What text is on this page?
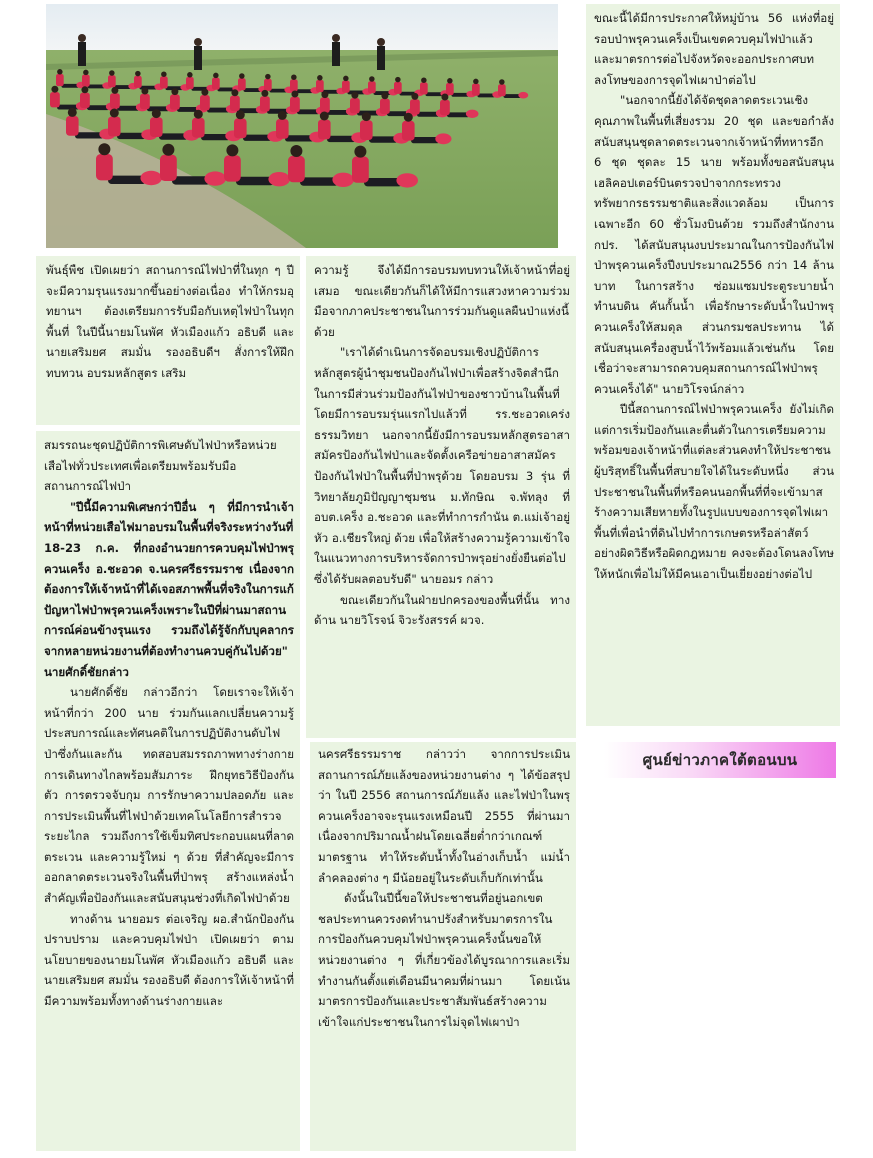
พันธุ์พืช เปิดเผยว่า สถานการณ์ไฟป่าที่ในทุก ๆ ปีจะมีความรุนแรงมากขึ้นอย่างต่อเนื่อง ทำให้กรมอุทยานฯ ต้องเตรียมการรับมือกับเหตุไฟป่าในทุกพื้นที่ ในปีนี้นายมโนพัศ หัวเมืองแก้ว อธิบดี และนายเสริมยศ สมมั่น รองอธิบดีฯ สั่งการให้ฝึกทบทวน อบรมหลักสูตร เสริม

สมรรถนะชุดปฏิบัติการพิเศษดับไฟป่าหรือหน่วยเสือไฟทั่วประเทศเพื่อเตรียมพร้อมรับมือสถานการณ์ไฟป่า

"ปีนี้มีความพิเศษกว่าปีอื่น ๆ ที่มีการนำเจ้าหน้าที่หน่วยเสือไฟมาอบรมในพื้นที่จริงระหว่างวันที่ 18-23 ก.ค. ที่กองอำนวยการควบคุมไฟป่าพรุควนเคร็ง อ.ชะอวด จ.นครศรีธรรมราช เนื่องจากต้องการให้เจ้าหน้าที่ได้เจอสภาพพื้นที่จริงในการแก้ปัญหาไฟป่าพรุควนเคร็งเพราะในปีที่ผ่านมาสถานการณ์ค่อนข้างรุนแรง รวมถึงได้รู้จักกับบุคลากรจากหลายหน่วยงานที่ต้องทำงานควบคู่กันไปด้วย" นายศักดิ์ชัยกล่าว

นายศักดิ์ชัย กล่าวอีกว่า โดยเราจะให้เจ้าหน้าที่กว่า 200 นาย ร่วมกันแลกเปลี่ยนความรู้ประสบการณ์และทัศนคติในการปฏิบัติงานดับไฟป่าซึ่งกันและกัน ทดสอบสมรรถภาพทางร่างกาย การเดินทางไกลพร้อมสัมภาระ ฝึกยุทธวิธีป้องกันตัว การตรวจจับกุม การรักษาความปลอดภัย และการประเมินพื้นที่ไฟป่าด้วยเทคโนโลยีการสำรวจระยะไกล รวมถึงการใช้เข็มทิศประกอบแผนที่ลาดตระเวน และความรู้ใหม่ ๆ ด้วย ที่สำคัญจะมีการออกลาดตระเวนจริงในพื้นที่ป่าพรุ สร้างแหล่งน้ำสำคัญเพื่อป้องกันและสนับสนุนช่วงที่เกิดไฟป่าด้วย

ทางด้าน นายอมร ต่อเจริญ ผอ.สำนักป้องกัน ปราบปราม และควบคุมไฟป่า เปิดเผยว่า ตามนโยบายของนายมโนพัศ หัวเมืองแก้ว อธิบดี และ นายเสริมยศ สมมั่น รองอธิบดี ต้องการให้เจ้าหน้าที่มีความพร้อมทั้งทางด้านร่างกายและ

ความรู้ จึงได้มีการอบรมทบทวนให้เจ้าหน้าที่อยู่เสมอ ขณะเดียวกันก็ได้ให้มีการแสวงหาความร่วมมือจากภาคประชาชนในการร่วมกันดูแลผืนป่าแห่งนี้ด้วย

"เราได้ดำเนินการจัดอบรมเชิงปฏิบัติการหลักสูตรผู้นำชุมชนป้องกันไฟป่าเพื่อสร้างจิตสำนึกในการมีส่วนร่วมป้องกันไฟป่าของชาวบ้านในพื้นที่ โดยมีการอบรมรุ่นแรกไปแล้วที่ รร.ชะอวดเคร่งธรรมวิทยา นอกจากนี้ยังมีการอบรมหลักสูตรอาสาสมัครป้องกันไฟป่าและจัดตั้งเครือข่ายอาสาสมัครป้องกันไฟป่าในพื้นที่ป่าพรุด้วย โดยอบรม 3 รุ่น ที่วิทยาลัยภูมิปัญญาชุมชน ม.ทักษิณ จ.พัทลุง ที่ อบต.เคร็ง อ.ชะอวด และที่ทำการกำนัน ต.แม่เจ้าอยู่หัว อ.เชียรใหญ่ ด้วย เพื่อให้สร้างความรู้ความเข้าใจในแนวทางการบริหารจัดการป่าพรุอย่างยั่งยืนต่อไป ซึ่งได้รับผลตอบรับดี" นายอมร กล่าว

ขณะเดียวกันในฝ่ายปกครองของพื้นที่นั้น ทางด้าน นายวิโรจน์ จิวะรังสรรค์ ผวจ.

นครศรีธรรมราช กล่าวว่า จากการประเมินสถานการณ์ภัยแล้งของหน่วยงานต่าง ๆ ได้ข้อสรุปว่า ในปี 2556 สถานการณ์ภัยแล้ง และไฟป่าในพรุควนเคร็งอาจจะรุนแรงเหมือนปี 2555 ที่ผ่านมา เนื่องจากปริมาณน้ำฝนโดยเฉลี่ยต่ำกว่าเกณฑ์มาตรฐาน ทำให้ระดับน้ำทั้งในอ่างเก็บน้ำ แม่น้ำลำคลองต่าง ๆ มีน้อยอยู่ในระดับเก็บกักเท่านั้น

ดังนั้นในปีนี้ขอให้ประชาชนที่อยู่นอกเขตชลประทานควรงดทำนาปรังสำหรับมาตรการในการป้องกันควบคุมไฟป่าพรุควนเคร็งนั้นขอให้หน่วยงานต่าง ๆ ที่เกี่ยวข้องได้บูรณาการและเริ่มทำงานกันตั้งแต่เดือนมีนาคมที่ผ่านมา โดยเน้นมาตรการป้องกันและประชาสัมพันธ์สร้างความเข้าใจแก่ประชาชนในการไม่จุดไฟเผาป่า

ขณะนี้ได้มีการประกาศให้หมู่บ้าน 56 แห่งที่อยู่รอบป่าพรุควนเคร็งเป็นเขตควบคุมไฟป่าแล้ว และมาตรการต่อไปจังหวัดจะออกประกาศบทลงโทษของการจุดไฟเผาป่าต่อไป

"นอกจากนี้ยังได้จัดชุดลาดตระเวนเชิงคุณภาพในพื้นที่เสี่ยงรวม 20 ชุด และขอกำลังสนับสนุนชุดลาดตระเวนจากเจ้าหน้าที่ทหารอีก 6 ชุด ชุดละ 15 นาย พร้อมทั้งขอสนับสนุนเฮลิคอปเตอร์บินตรวจป่าจากกระทรวงทรัพยากรธรรมชาติและสิ่งแวดล้อม เป็นการเฉพาะอีก 60 ชั่วโมงบินด้วย รวมถึงสำนักงาน กปร. ได้สนับสนุนงบประมาณในการป้องกันไฟป่าพรุควนเคร็งปีงบประมาณ2556 กว่า 14 ล้านบาท ในการสร้าง ซ่อมแซมประตูระบายน้ำ ทำนบดิน คันกั้นน้ำ เพื่อรักษาระดับน้ำในป่าพรุควนเคร็งให้สมดุล ส่วนกรมชลประทาน ได้สนับสนุนเครื่องสูบน้ำไว้พร้อมแล้วเช่นกัน โดยเชื่อว่าจะสามารถควบคุมสถานการณ์ไฟป่าพรุควนเคร็งได้" นายวิโรจน์กล่าว

ปีนี้สถานการณ์ไฟป่าพรุควนเคร็ง ยังไม่เกิดแต่การเริ่มป้องกันและตื่นตัวในการเตรียมความพร้อมของเจ้าหน้าที่แต่ละส่วนคงทำให้ประชาชนผู้บริสุทธิ์ในพื้นที่สบายใจได้ในระดับหนึ่ง ส่วนประชาชนในพื้นที่หรือคนนอกพื้นที่ที่จะเข้ามาสร้างความเสียหายทั้งในรูปแบบของการจุดไฟเผาพื้นที่เพื่อนำที่ดินไปทำการเกษตรหรือล่าสัตว์อย่างผิดวิธีหรือผิดกฎหมาย คงจะต้องโดนลงโทษให้หนักเพื่อไม่ให้มีคนเอาเป็นเยี่ยงอย่างต่อไป

ศูนย์ข่าวภาคใต้ตอนบน
